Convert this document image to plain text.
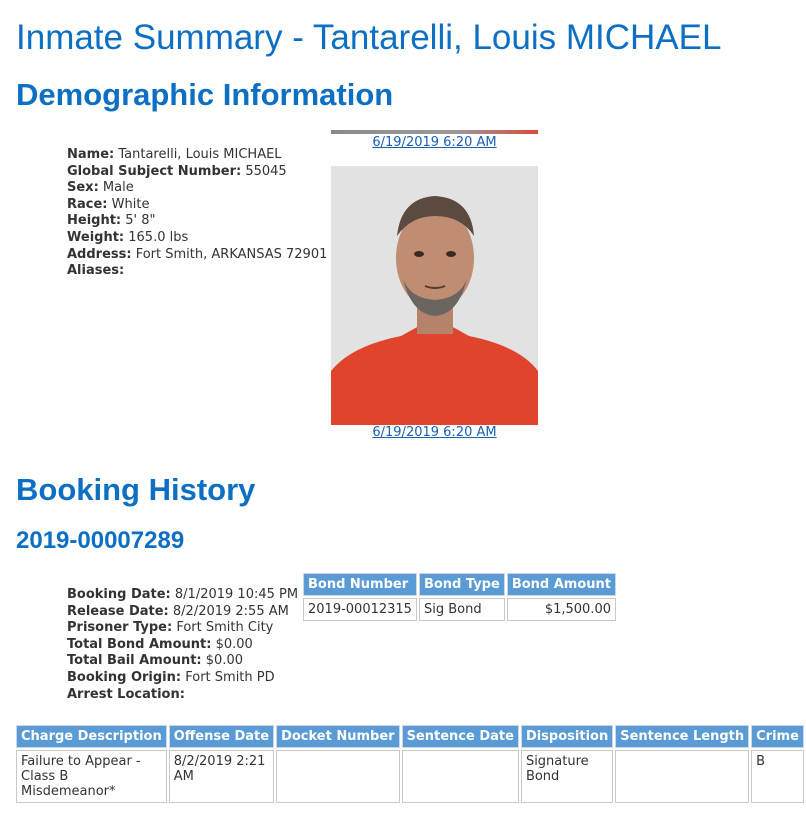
Inmate Summary - Tantarelli, Louis MICHAEL
Demographic Information
Name: Tantarelli, Louis MICHAEL
Global Subject Number: 55045
Sex: Male
Race: White
Height: 5' 8"
Weight: 165.0 lbs
Address: Fort Smith, ARKANSAS 72901
Aliases:
6/19/2019 6:20 AM
6/19/2019 6:20 AM
Booking History
2019-00007289
Booking Date: 8/1/2019 10:45 PM
Release Date: 8/2/2019 2:55 AM
Prisoner Type: Fort Smith City
Total Bond Amount: $0.00
Total Bail Amount: $0.00
Booking Origin: Fort Smith PD
Arrest Location:
Bond Number	Bond Type	Bond Amount
2019-00012315	Sig Bond	$1,500.00
Charge Description	Offense Date	Docket Number	Sentence Date	Disposition	Sentence Length	Crime
Failure to Appear - Class B Misdemeanor*	8/2/2019 2:21 AM			Signature Bond		B
